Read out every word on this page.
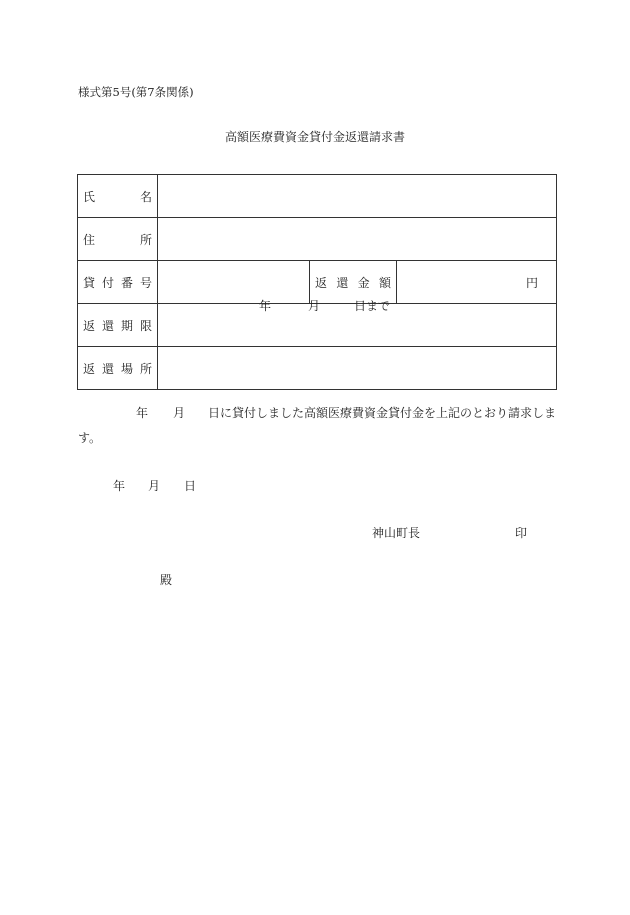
様式第5号(第7条関係)
高額医療費資金貸付金返還請求書
氏 名			

住 所			

貸 付 番 号		返 還 金 額	円

返 還 期 限	年 月 日まで		

返 還 場 所			

年 月 日に貸付しました高額医療費資金貸付金を上記のとおり請求しま
す。
年 月 日
神山町長	印
殿
